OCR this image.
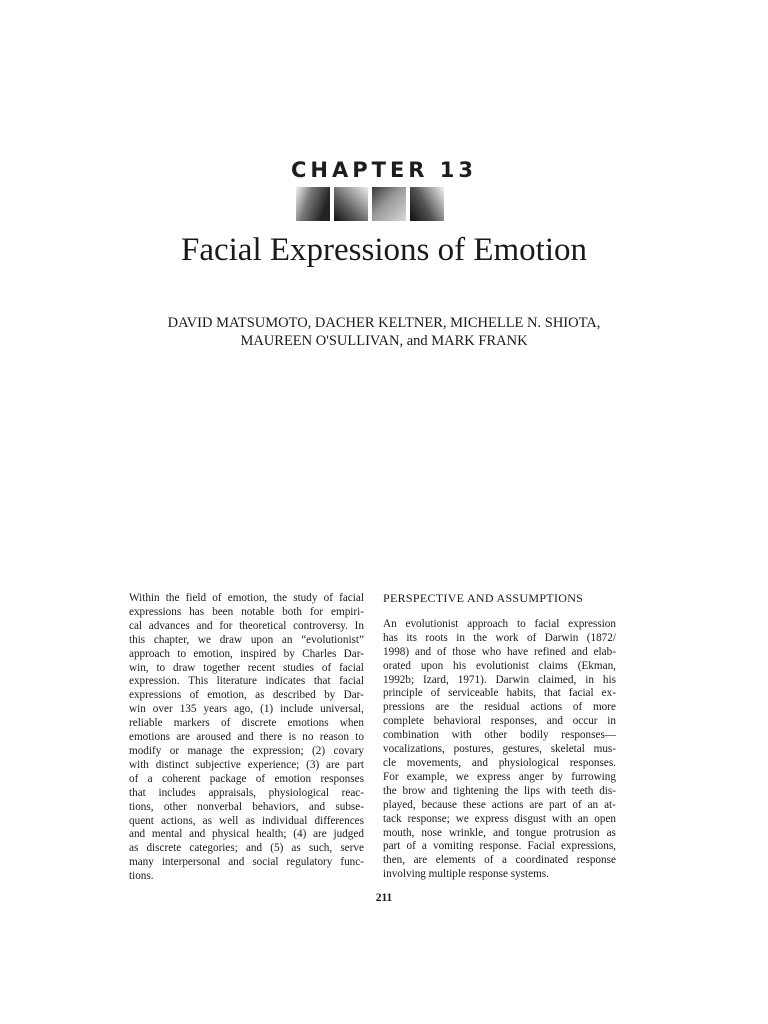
CHAPTER 13
Facial Expressions of Emotion
DAVID MATSUMOTO, DACHER KELTNER, MICHELLE N. SHIOTA,
MAUREEN O'SULLIVAN, and MARK FRANK
Within the field of emotion, the study of facial
expressions has been notable both for empiri-
cal advances and for theoretical controversy. In
this chapter, we draw upon an “evolutionist”
approach to emotion, inspired by Charles Dar-
win, to draw together recent studies of facial
expression. This literature indicates that facial
expressions of emotion, as described by Dar-
win over 135 years ago, (1) include universal,
reliable markers of discrete emotions when
emotions are aroused and there is no reason to
modify or manage the expression; (2) covary
with distinct subjective experience; (3) are part
of a coherent package of emotion responses
that includes appraisals, physiological reac-
tions, other nonverbal behaviors, and subse-
quent actions, as well as individual differences
and mental and physical health; (4) are judged
as discrete categories; and (5) as such, serve
many interpersonal and social regulatory func-
tions.
PERSPECTIVE AND ASSUMPTIONS
An evolutionist approach to facial expression
has its roots in the work of Darwin (1872/
1998) and of those who have refined and elab-
orated upon his evolutionist claims (Ekman,
1992b; Izard, 1971). Darwin claimed, in his
principle of serviceable habits, that facial ex-
pressions are the residual actions of more
complete behavioral responses, and occur in
combination with other bodily responses—
vocalizations, postures, gestures, skeletal mus-
cle movements, and physiological responses.
For example, we express anger by furrowing
the brow and tightening the lips with teeth dis-
played, because these actions are part of an at-
tack response; we express disgust with an open
mouth, nose wrinkle, and tongue protrusion as
part of a vomiting response. Facial expressions,
then, are elements of a coordinated response
involving multiple response systems.
211
